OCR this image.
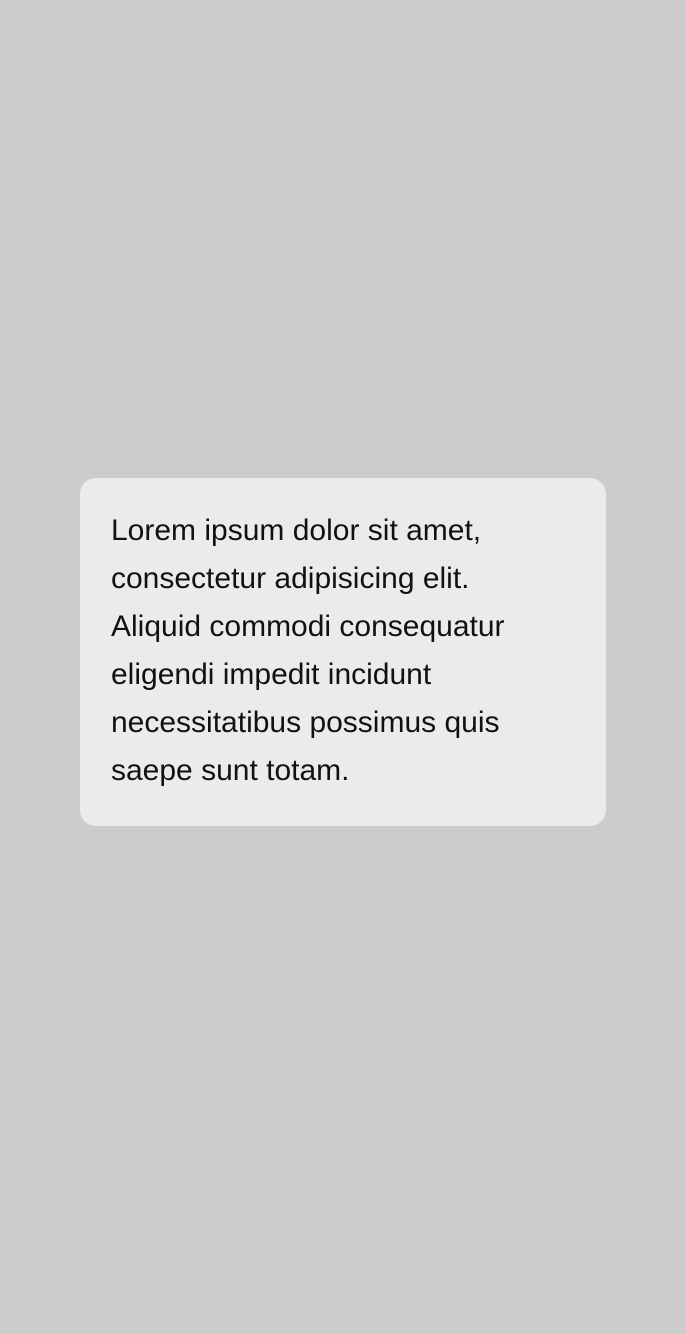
Lorem ipsum dolor sit amet, consectetur adipisicing elit. Aliquid commodi consequatur eligendi impedit incidunt necessitatibus possimus quis saepe sunt totam.
